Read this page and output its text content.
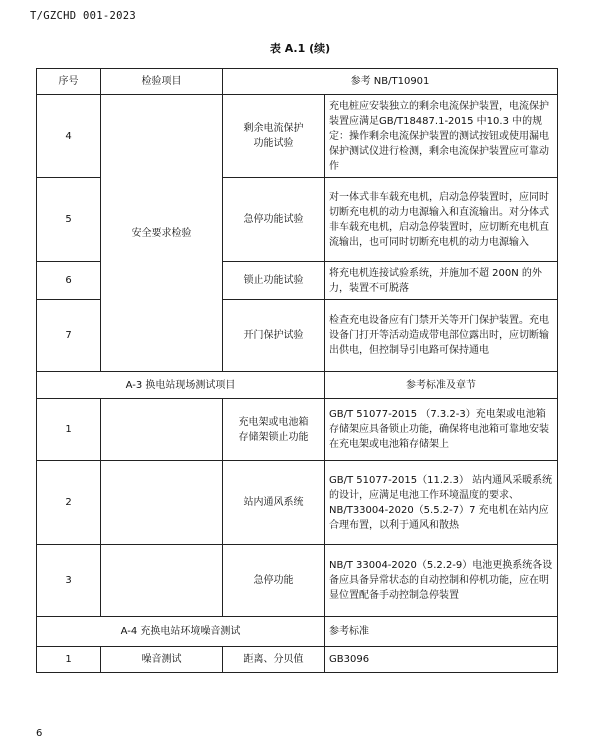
T/GZCHD 001-2023
表 A.1 (续)
序号	检验项目	参考 NB/T10901	
4	安全要求检验	剩余电流保护
功能试验	充电桩应安装独立的剩余电流保护装置，电流保护装置应满足GB/T18487.1-2015 中10.3 中的规定：操作剩余电流保护装置的测试按钮或使用漏电保护测试仪进行检测，剩余电流保护装置应可靠动作
5		急停功能试验	对一体式非车载充电机，启动急停装置时，应同时切断充电机的动力电源输入和直流输出。对分体式非车载充电机，启动急停装置时，应切断充电机直流输出，也可同时切断充电机的动力电源输入
6		锁止功能试验	将充电机连接试验系统，并施加不超 200N 的外力，装置不可脱落
7		开门保护试验	检查充电设备应有门禁开关等开门保护装置。充电设备门打开等活动造成带电部位露出时，应切断输出供电，但控制导引电路可保持通电
A-3 换电站现场测试项目			参考标准及章节
1		充电架或电池箱
存储架锁止功能	GB/T 51077-2015 （7.3.2-3）充电架或电池箱存储架应具备锁止功能，确保将电池箱可靠地安装在充电架或电池箱存储架上
2		站内通风系统	GB/T 51077-2015（11.2.3） 站内通风采暖系统的设计，应满足电池工作环境温度的要求、NB/T33004-2020（5.5.2-7）7 充电机在站内应合理布置，以利于通风和散热
3		急停功能	NB/T 33004-2020（5.2.2-9）电池更换系统各设备应具备异常状态的自动控制和停机功能，应在明显位置配备手动控制急停装置
A-4 充换电站环境噪音测试			参考标准
1	噪音测试	距离、分贝值	GB3096
6
